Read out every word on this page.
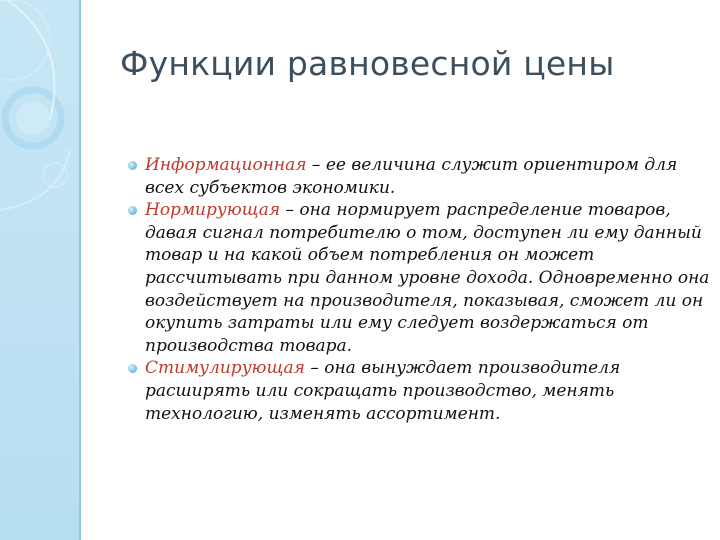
Функции равновесной цены
Информационная – ее величина служит ориентиром для всех субъектов экономики.
Нормирующая – она нормирует распределение товаров, давая сигнал потребителю о том, доступен ли ему данный товар и на какой объем потребления он может рассчитывать при данном уровне дохода. Одновременно она воздействует на производителя, показывая, сможет ли он окупить затраты или ему следует воздержаться от производства товара.
Стимулирующая – она вынуждает производителя расширять или сокращать производство, менять технологию, изменять ассортимент.
